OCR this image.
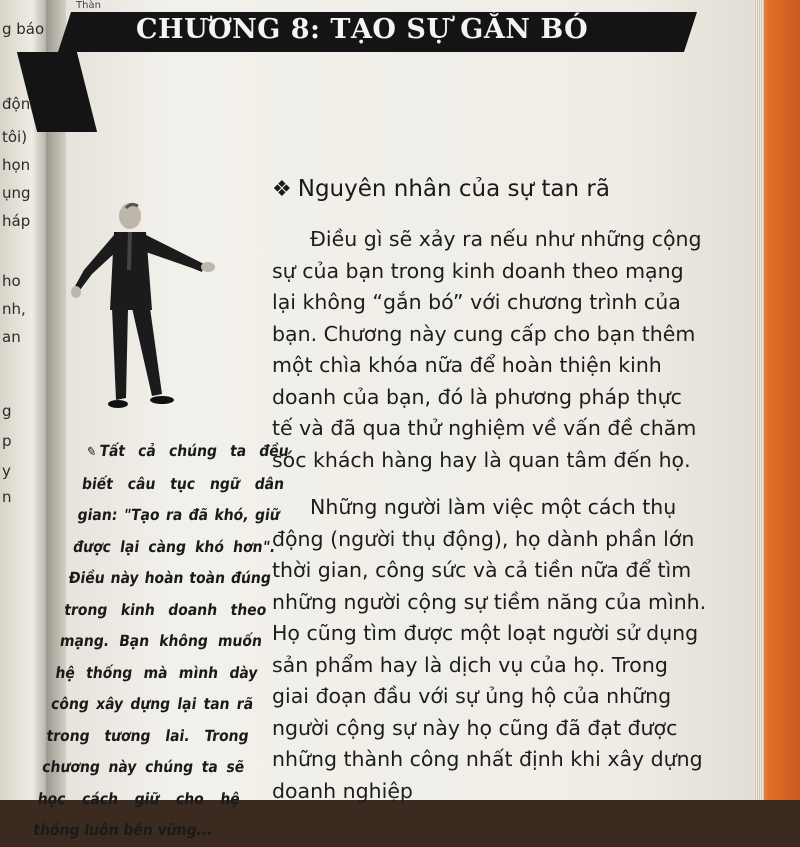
g báo
động
tôi)
họn
ụng
háp
ho
nh,
an
g
p
y
n
Thàn
CHƯƠNG 8: TẠO SỰ GẮN BÓ
✎Tất cả chúng ta đều biết câu tục ngữ dân gian: "Tạo ra đã khó, giữ được lại càng khó hơn". Điều này hoàn toàn đúng trong kinh doanh theo mạng. Bạn không muốn hệ thống mà mình dày công xây dựng lại tan rã trong tương lai. Trong chương này chúng ta sẽ học cách giữ cho hệ thống luôn bền vững...
❖ Nguyên nhân của sự tan rã

Điều gì sẽ xảy ra nếu như những cộng sự của bạn trong kinh doanh theo mạng lại không “gắn bó” với chương trình của bạn. Chương này cung cấp cho bạn thêm một chìa khóa nữa để hoàn thiện kinh doanh của bạn, đó là phương pháp thực tế và đã qua thử nghiệm về vấn đề chăm sóc khách hàng hay là quan tâm đến họ.

Những người làm việc một cách thụ động (người thụ động), họ dành phần lớn thời gian, công sức và cả tiền nữa để tìm những người cộng sự tiềm năng của mình. Họ cũng tìm được một loạt người sử dụng sản phẩm hay là dịch vụ của họ. Trong giai đoạn đầu với sự ủng hộ của những người cộng sự này họ cũng đã đạt được những thành công nhất định khi xây dựng doanh nghiệp
